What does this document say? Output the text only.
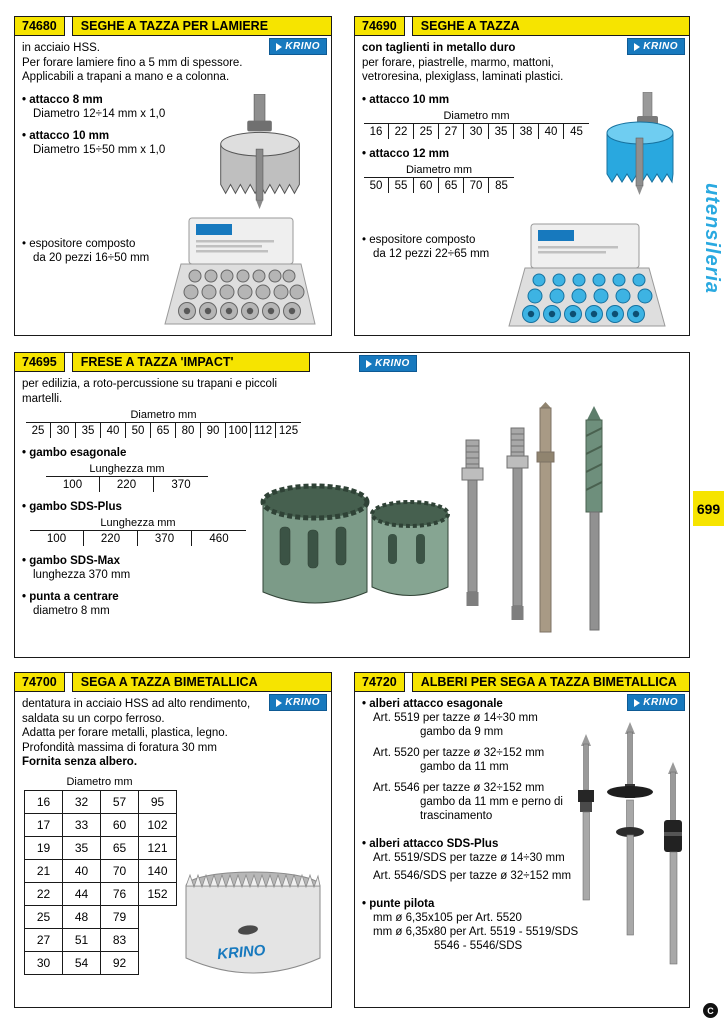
74680	SEGHE A TAZZA PER LAMIERE
KRINO
in acciaio HSS.
Per forare lamiere fino a 5 mm di spessore.
Applicabili a trapani a mano e a colonna.
• attacco 8 mm
Diametro 12÷14 mm x 1,0
• attacco 10 mm
Diametro 15÷50 mm x 1,0
• espositore composto
da 20 pezzi 16÷50 mm
74690	SEGHE A TAZZA
KRINO
con taglienti in metallo duro
per forare, piastrelle, marmo, mattoni,
vetroresina, plexiglass, laminati plastici.
• attacco 10 mm
Diametro mm
16	22	25	27	30	35	38	40	45
• attacco 12 mm
Diametro mm
50	55	60	65	70	85
• espositore composto
da 12 pezzi 22÷65 mm
74695	FRESE A TAZZA 'IMPACT'	KRINO
per edilizia, a roto-percussione su trapani e piccoli
martelli.
Diametro mm
25	30	35	40	50	65	80	90 100 112 125
• gambo esagonale
Lunghezza mm
100	220	370
• gambo SDS-Plus
Lunghezza mm
100	220	370	460
• gambo SDS-Max
lunghezza 370 mm
• punta a centrare
diametro 8 mm
74700	SEGA A TAZZA BIMETALLICA
KRINO
dentatura in acciaio HSS ad alto rendimento,
saldata su un corpo ferroso.
Adatta per forare metalli, plastica, legno.
Profondità massima di foratura 30 mm
Fornita senza albero.
Diametro mm
16	32	57	95
17	33	60	102
19	35	65	121
21	40	70	140
22	44	76	152
25	48	79	
27	51	83	
30	54	92		KRINO
74720	ALBERI PER SEGA A TAZZA BIMETALLICA
KRINO
• alberi attacco esagonale
Art. 5519 per tazze ø 14÷30 mm
gambo da 9 mm
Art. 5520 per tazze ø 32÷152 mm
gambo da 11 mm
Art. 5546 per tazze ø 32÷152 mm
gambo da 11 mm e perno di
trascinamento
• alberi attacco SDS-Plus
Art. 5519/SDS per tazze ø 14÷30 mm
Art. 5546/SDS per tazze ø 32÷152 mm
• punte pilota
mm ø 6,35x105 per Art. 5520
mm ø 6,35x80 per Art. 5519 - 5519/SDS
5546 - 5546/SDS
utensileria
699
C
